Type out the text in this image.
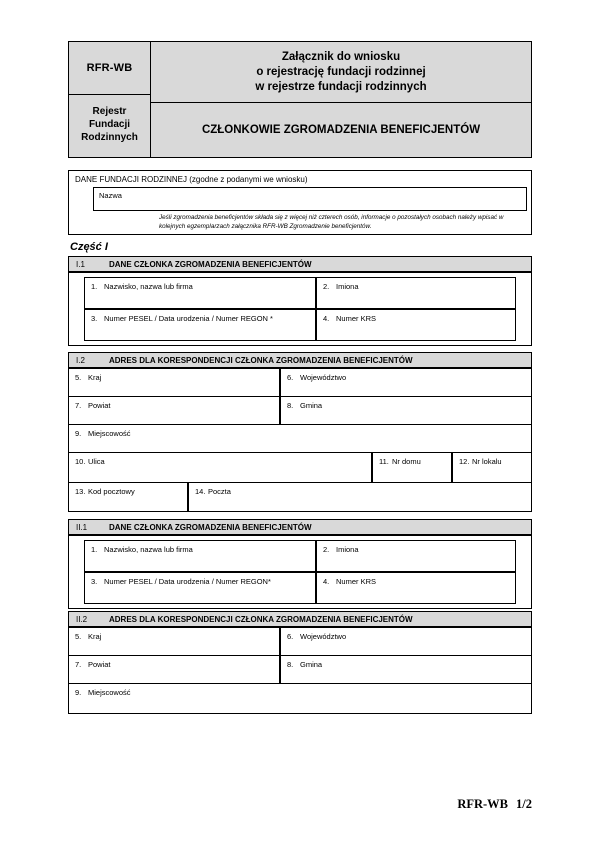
RFR-WB
Rejestr
Fundacji
Rodzinnych
Załącznik do wniosku
o rejestrację fundacji rodzinnej
w rejestrze fundacji rodzinnych
CZŁONKOWIE ZGROMADZENIA BENEFICJENTÓW
DANE FUNDACJI RODZINNEJ (zgodne z podanymi we wniosku)
Nazwa
Jeśli zgromadzenia beneficjentów składa się z więcej niż czterech osób, informacje o pozostałych osobach należy wpisać w kolejnych egzemplarzach załącznika RFR-WB Zgromadzenie beneficjentów.
Część I
I.1	DANE CZŁONKA ZGROMADZENIA BENEFICJENTÓW
1. Nazwisko, nazwa lub firma	2. Imiona
3. Numer PESEL / Data urodzenia / Numer REGON *	4. Numer KRS
I.2	ADRES DLA KORESPONDENCJI CZŁONKA ZGROMADZENIA BENEFICJENTÓW
5. Kraj	6. Województwo
7. Powiat	8. Gmina
9. Miejscowość
10. Ulica	11. Nr domu	12. Nr lokalu
13. Kod pocztowy	14. Poczta
II.1	DANE CZŁONKA ZGROMADZENIA BENEFICJENTÓW
1. Nazwisko, nazwa lub firma	2. Imiona
3. Numer PESEL / Data urodzenia / Numer REGON*	4. Numer KRS
II.2	ADRES DLA KORESPONDENCJI CZŁONKA ZGROMADZENIA BENEFICJENTÓW
5. Kraj	6. Województwo
7. Powiat	8. Gmina
9. Miejscowość
RFR-WB 1/2
